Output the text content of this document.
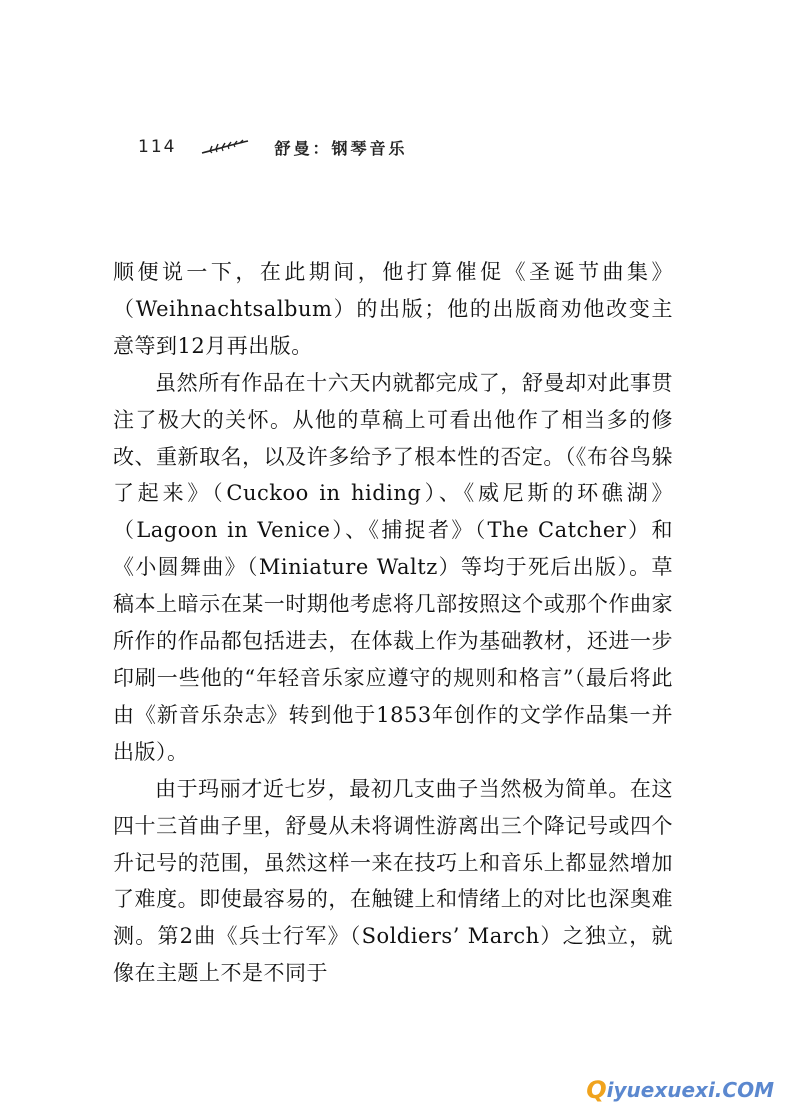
114	舒曼：钢琴音乐

顺便说一下，在此期间，他打算催促《圣诞节曲集》（Weihnachtsalbum）的出版；他的出版商劝他改变主意等到12月再出版。

虽然所有作品在十六天内就都完成了，舒曼却对此事贯注了极大的关怀。从他的草稿上可看出他作了相当多的修改、重新取名，以及许多给予了根本性的否定。（《布谷鸟躲了起来》（Cuckoo in hiding）、《威尼斯的环礁湖》（Lagoon in Venice）、《捕捉者》（The Catcher）和《小圆舞曲》（Miniature Waltz）等均于死后出版）。草稿本上暗示在某一时期他考虑将几部按照这个或那个作曲家所作的作品都包括进去，在体裁上作为基础教材，还进一步印刷一些他的“年轻音乐家应遵守的规则和格言”（最后将此由《新音乐杂志》转到他于1853年创作的文学作品集一并出版）。

由于玛丽才近七岁，最初几支曲子当然极为简单。在这四十三首曲子里，舒曼从未将调性游离出三个降记号或四个升记号的范围，虽然这样一来在技巧上和音乐上都显然增加了难度。即使最容易的，在触键上和情绪上的对比也深奥难测。第2曲《兵士行军》（Soldiers’ March）之独立，就像在主题上不是不同于

Q iyuexuexi.COM
